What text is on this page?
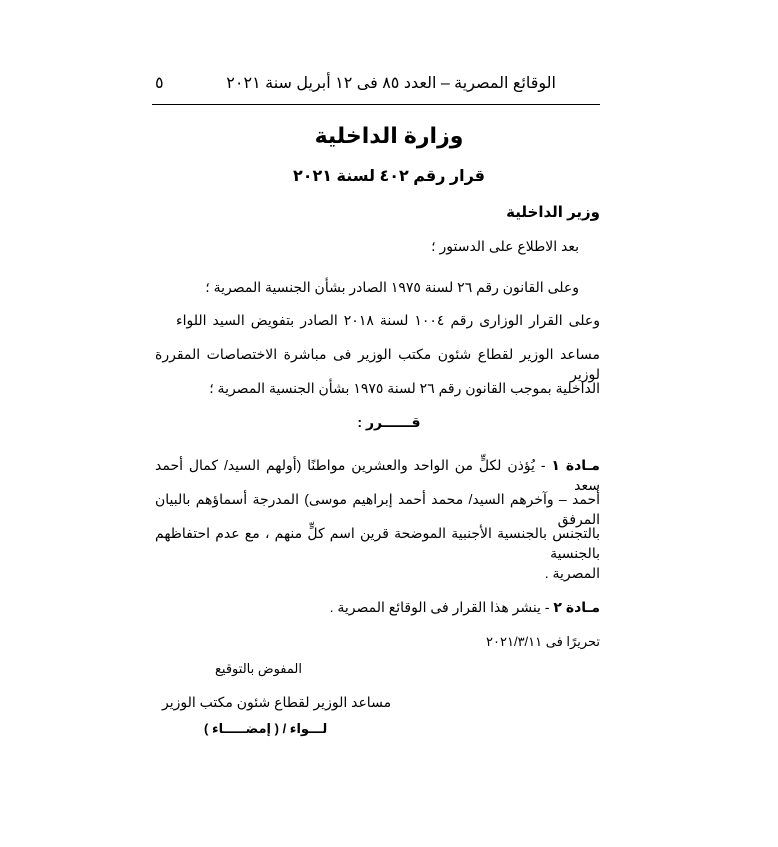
الوقائع المصرية – العدد ٨٥ فى ١٢ أبريل سنة ٢٠٢١
٥
وزارة الداخلية
قرار رقم ٤٠٢ لسنة ٢٠٢١
وزير الداخلية
بعد الاطلاع على الدستور ؛
وعلى القانون رقم ٢٦ لسنة ١٩٧٥ الصادر بشأن الجنسية المصرية ؛
وعلى القرار الوزارى رقم ١٠٠٤ لسنة ٢٠١٨ الصادر بتفويض السيد اللواء
مساعد الوزير لقطاع شئون مكتب الوزير فى مباشرة الاختصاصات المقررة لوزير
الداخلية بموجب القانون رقم ٢٦ لسنة ١٩٧٥ بشأن الجنسية المصرية ؛
قــــــرر :
مـادة ١ - يُؤذن لكلٍّ من الواحد والعشرين مواطنًا (أولهم السيد/ كمال أحمد سعد
أحمد – وآخرهم السيد/ محمد أحمد إبراهيم موسى) المدرجة أسماؤهم بالبيان المرفق
بالتجنس بالجنسية الأجنبية الموضحة قرين اسم كلٍّ منهم ، مع عدم احتفاظهم بالجنسية
المصرية .
مـادة ٢ - ينشر هذا القرار فى الوقائع المصرية .
تحريرًا فى ٢٠٢١/٣/١١
المفوض بالتوقيع
مساعد الوزير لقطاع شئون مكتب الوزير
لـــواء / ( إمضـــــاء )
